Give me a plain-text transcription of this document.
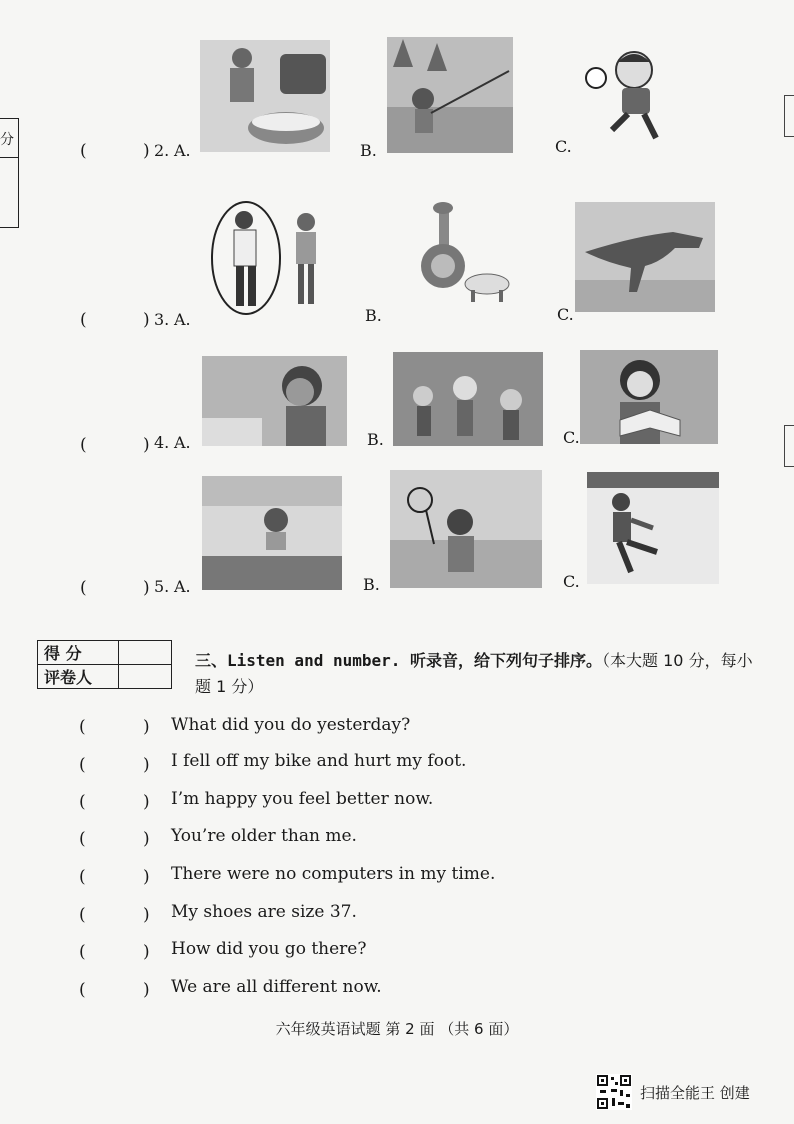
分
(	) 2. A.	B.	C.
(	) 3. A.	B.	C.
(	) 4. A.	B.	C.
(	) 5. A.	B.	C.
得 分	
评卷人	
三、Listen and number. 听录音，给下列句子排序。（本大题 10 分，每小题 1 分）
(	) What did you do yesterday?
(	) I fell off my bike and hurt my foot.
(	) I’m happy you feel better now.
(	) You’re older than me.
(	) There were no computers in my time.
(	) My shoes are size 37.
(	) How did you go there?
(	) We are all different now.
六年级英语试题 第 2 面 （共 6 面）
扫描全能王 创建
